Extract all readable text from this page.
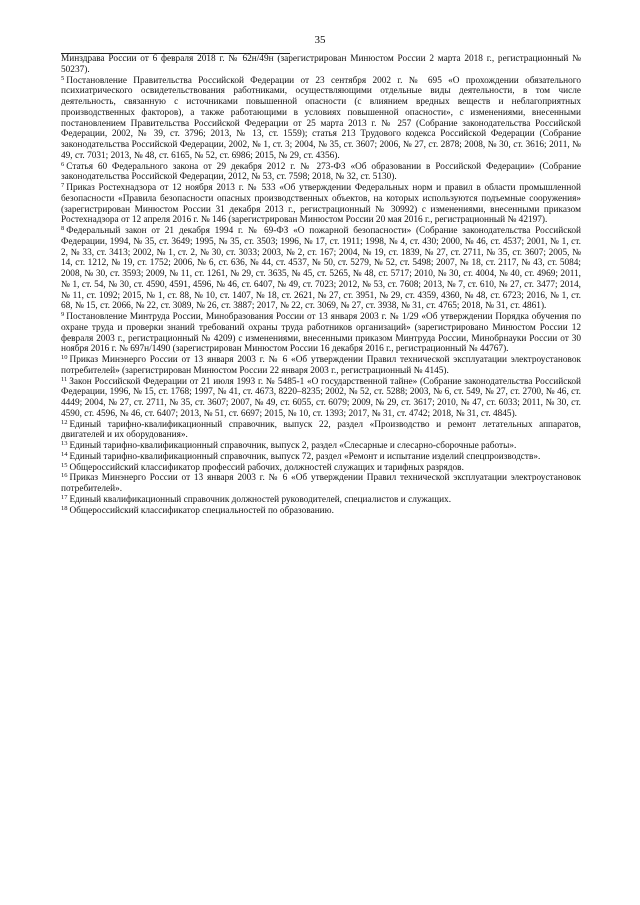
35

Минздрава России от 6 февраля 2018 г. № 62н/49н (зарегистрирован Минюстом России 2 марта 2018 г., регистрационный № 50237).

$^5$ Постановление Правительства Российской Федерации от 23 сентября 2002 г. № 695 «О прохождении обязательного психиатрического освидетельствования работниками, осуществляющими отдельные виды деятельности, в том числе деятельность, связанную с источниками повышенной опасности (с влиянием вредных веществ и неблагоприятных производственных факторов), а также работающими в условиях повышенной опасности», с изменениями, внесенными постановлением Правительства Российской Федерации от 25 марта 2013 г. № 257 (Собрание законодательства Российской Федерации, 2002, № 39, ст. 3796; 2013, № 13, ст. 1559); статья 213 Трудового кодекса Российской Федерации (Собрание законодательства Российской Федерации, 2002, № 1, ст. 3; 2004, № 35, ст. 3607; 2006, № 27, ст. 2878; 2008, № 30, ст. 3616; 2011, № 49, ст. 7031; 2013, № 48, ст. 6165, № 52, ст. 6986; 2015, № 29, ст. 4356).

$^6$ Статья 60 Федерального закона от 29 декабря 2012 г. № 273-ФЗ «Об образовании в Российской Федерации» (Собрание законодательства Российской Федерации, 2012, № 53, ст. 7598; 2018, № 32, ст. 5130).

$^7$ Приказ Ростехнадзора от 12 ноября 2013 г. № 533 «Об утверждении Федеральных норм и правил в области промышленной безопасности «Правила безопасности опасных производственных объектов, на которых используются подъемные сооружения» (зарегистрирован Минюстом России 31 декабря 2013 г., регистрационный № 30992) с изменениями, внесенными приказом Ростехнадзора от 12 апреля 2016 г. № 146 (зарегистрирован Минюстом России 20 мая 2016 г., регистрационный № 42197).

$^8$ Федеральный закон от 21 декабря 1994 г. № 69-ФЗ «О пожарной безопасности» (Собрание законодательства Российской Федерации, 1994, № 35, ст. 3649; 1995, № 35, ст. 3503; 1996, № 17, ст. 1911; 1998, № 4, ст. 430; 2000, № 46, ст. 4537; 2001, № 1, ст. 2, № 33, ст. 3413; 2002, № 1, ст. 2, № 30, ст. 3033; 2003, № 2, ст. 167; 2004, № 19, ст. 1839, № 27, ст. 2711, № 35, ст. 3607; 2005, № 14, ст. 1212, № 19, ст. 1752; 2006, № 6, ст. 636, № 44, ст. 4537, № 50, ст. 5279, № 52, ст. 5498; 2007, № 18, ст. 2117, № 43, ст. 5084; 2008, № 30, ст. 3593; 2009, № 11, ст. 1261, № 29, ст. 3635, № 45, ст. 5265, № 48, ст. 5717; 2010, № 30, ст. 4004, № 40, ст. 4969; 2011, № 1, ст. 54, № 30, ст. 4590, 4591, 4596, № 46, ст. 6407, № 49, ст. 7023; 2012, № 53, ст. 7608; 2013, № 7, ст. 610, № 27, ст. 3477; 2014, № 11, ст. 1092; 2015, № 1, ст. 88, № 10, ст. 1407, № 18, ст. 2621, № 27, ст. 3951, № 29, ст. 4359, 4360, № 48, ст. 6723; 2016, № 1, ст. 68, № 15, ст. 2066, № 22, ст. 3089, № 26, ст. 3887; 2017, № 22, ст. 3069, № 27, ст. 3938, № 31, ст. 4765; 2018, № 31, ст. 4861).

$^9$ Постановление Минтруда России, Минобразования России от 13 января 2003 г. № 1/29 «Об утверждении Порядка обучения по охране труда и проверки знаний требований охраны труда работников организаций» (зарегистрировано Минюстом России 12 февраля 2003 г., регистрационный № 4209) с изменениями, внесенными приказом Минтруда России, Минобрнауки России от 30 ноября 2016 г. № 697н/1490 (зарегистрирован Минюстом России 16 декабря 2016 г., регистрационный № 44767).

$^{10}$ Приказ Минэнерго России от 13 января 2003 г. № 6 «Об утверждении Правил технической эксплуатации электроустановок потребителей» (зарегистрирован Минюстом России 22 января 2003 г., регистрационный № 4145).

$^{11}$ Закон Российской Федерации от 21 июля 1993 г. № 5485-1 «О государственной тайне» (Собрание законодательства Российской Федерации, 1996, № 15, ст. 1768; 1997, № 41, ст. 4673, 8220–8235; 2002, № 52, ст. 5288; 2003, № 6, ст. 549, № 27, ст. 2700, № 46, ст. 4449; 2004, № 27, ст. 2711, № 35, ст. 3607; 2007, № 49, ст. 6055, ст. 6079; 2009, № 29, ст. 3617; 2010, № 47, ст. 6033; 2011, № 30, ст. 4590, ст. 4596, № 46, ст. 6407; 2013, № 51, ст. 6697; 2015, № 10, ст. 1393; 2017, № 31, ст. 4742; 2018, № 31, ст. 4845).

$^{12}$ Единый тарифно-квалификационный справочник, выпуск 22, раздел «Производство и ремонт летательных аппаратов, двигателей и их оборудования».

$^{13}$ Единый тарифно-квалификационный справочник, выпуск 2, раздел «Слесарные и слесарно-сборочные работы».

$^{14}$ Единый тарифно-квалификационный справочник, выпуск 72, раздел «Ремонт и испытание изделий спецпроизводств».

$^{15}$ Общероссийский классификатор профессий рабочих, должностей служащих и тарифных разрядов.

$^{16}$ Приказ Минэнерго России от 13 января 2003 г. № 6 «Об утверждении Правил технической эксплуатации электроустановок потребителей».

$^{17}$ Единый квалификационный справочник должностей руководителей, специалистов и служащих.

$^{18}$ Общероссийский классификатор специальностей по образованию.
